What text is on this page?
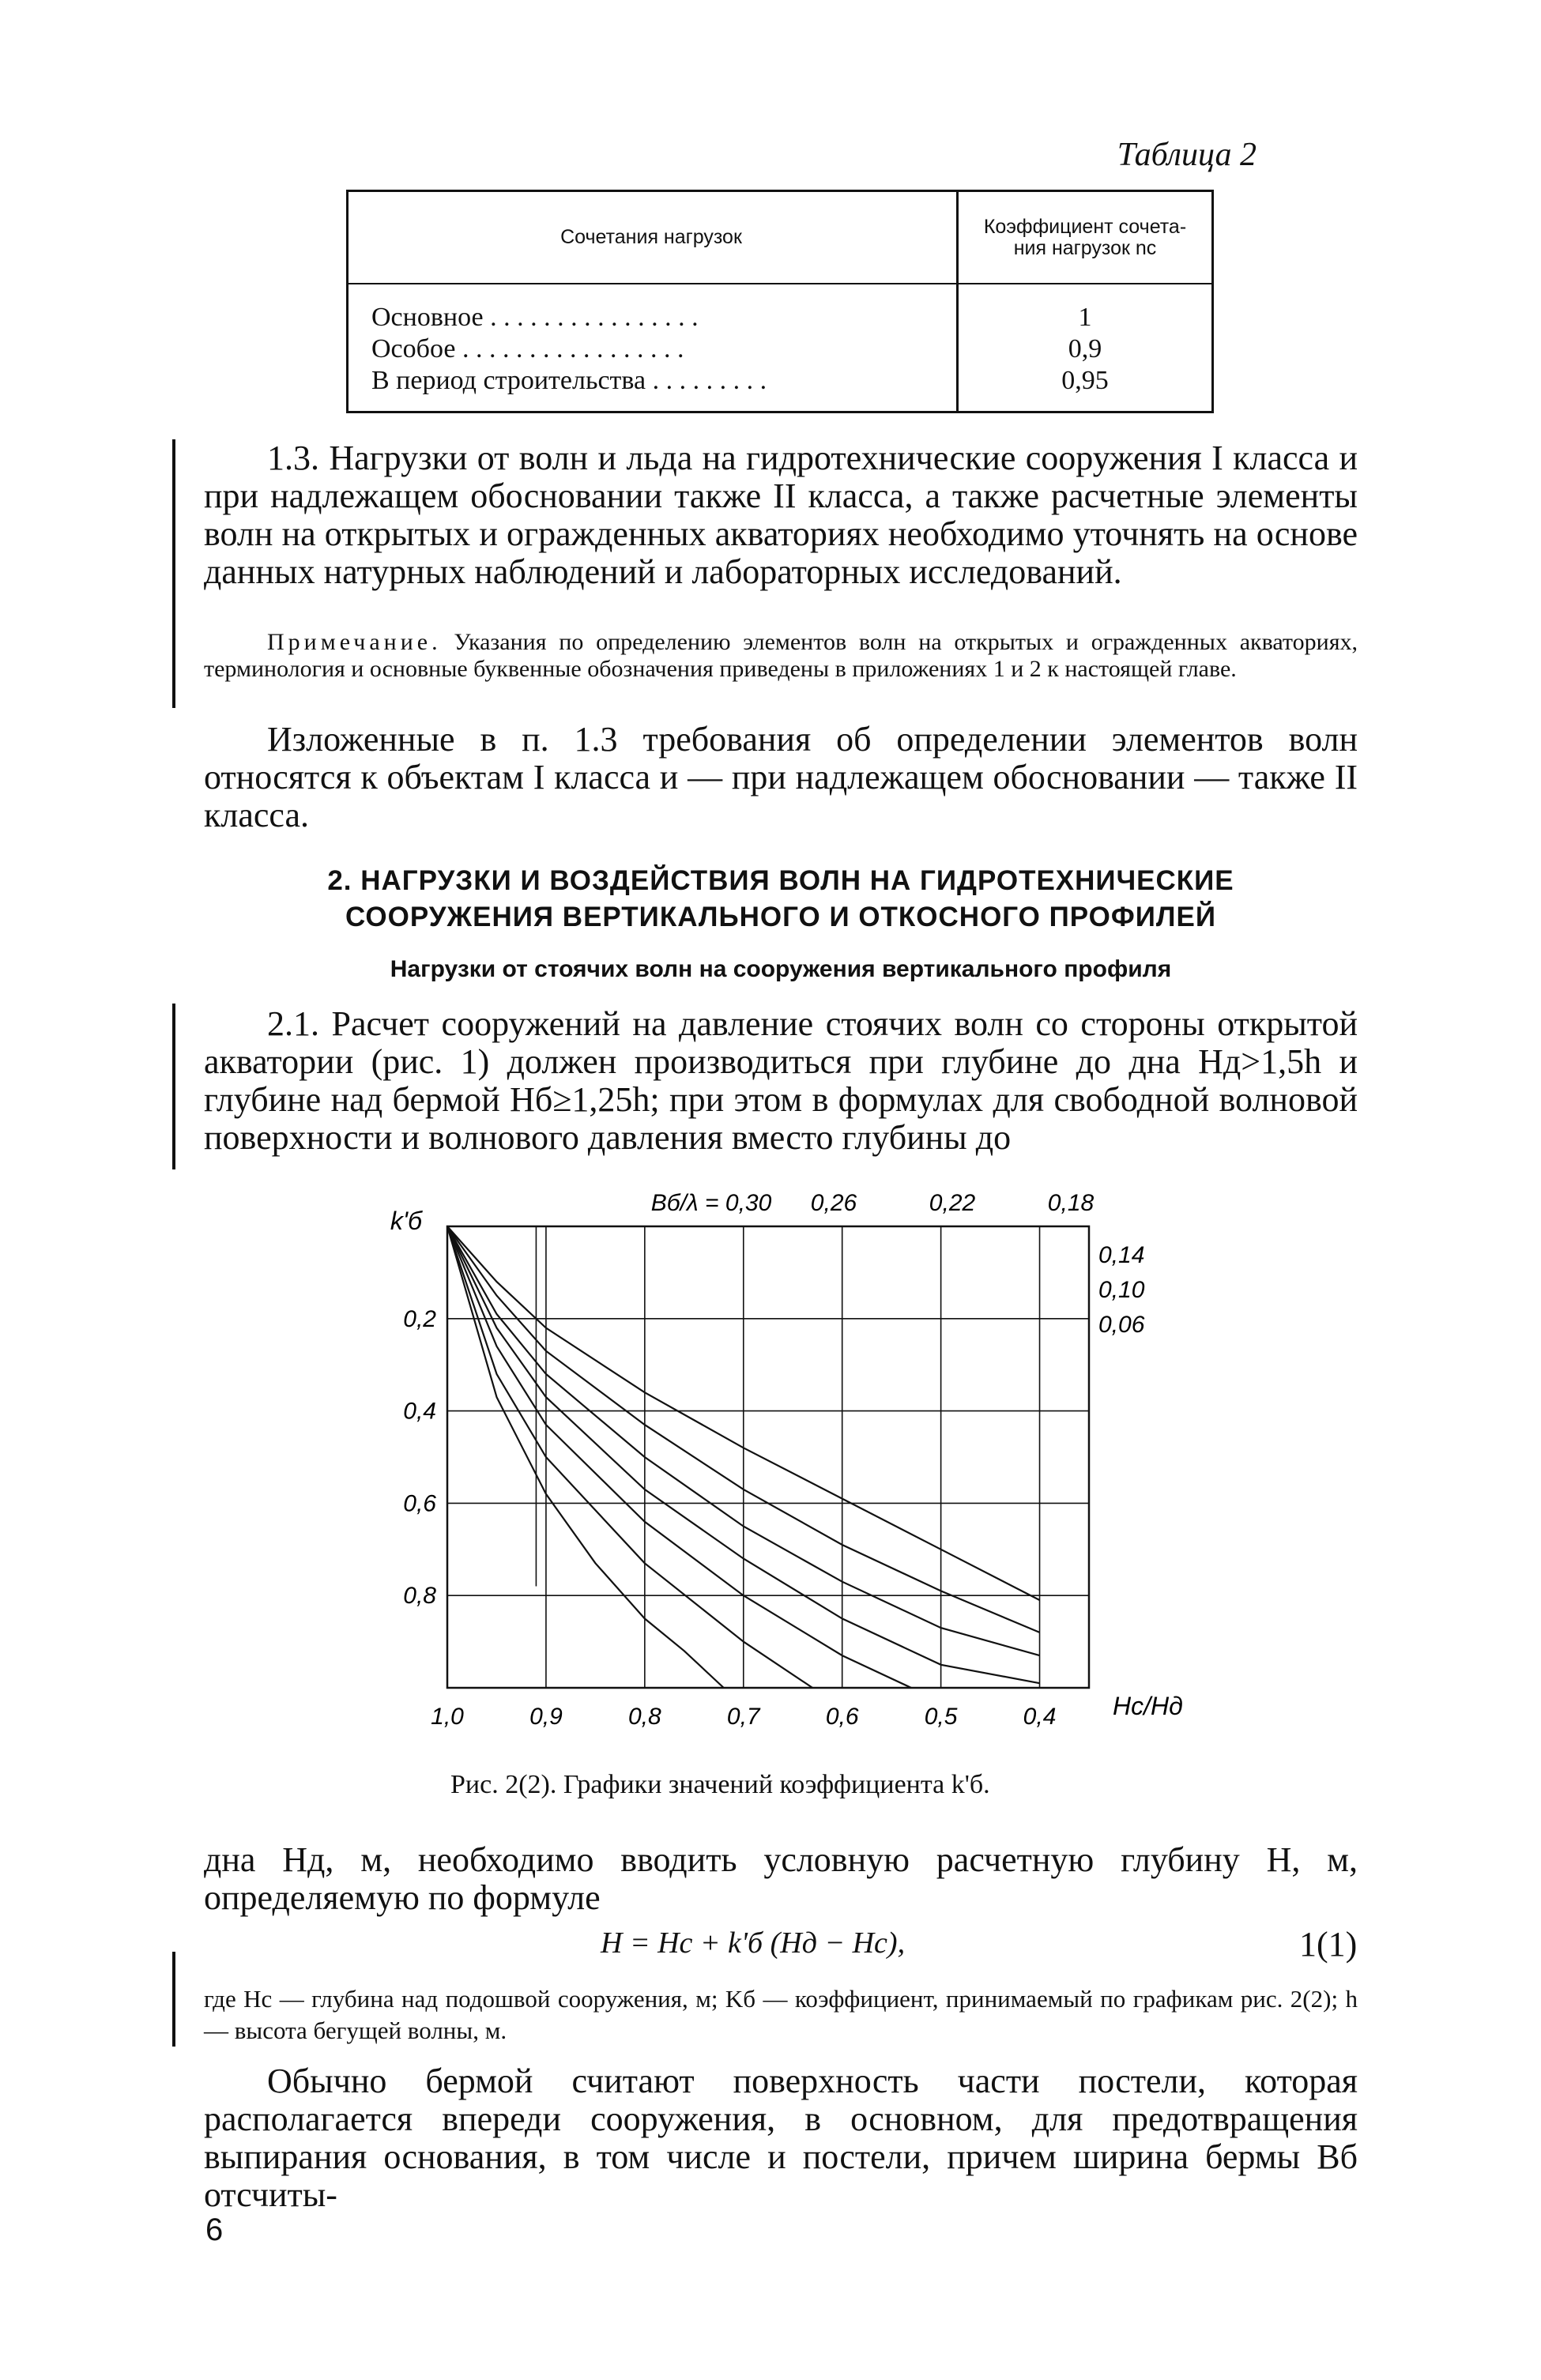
Таблица 2
Сочетания нагрузок	Коэффициент сочета-ния нагрузок nс

Основное . . . . . . . . . . . . . . . .	1
Особое . . . . . . . . . . . . . . . . .	0,9
В период строительства . . . . . . . . .	0,95
1.3. Нагрузки от волн и льда на гидротехнические сооружения I класса и при надлежащем обосновании также II класса, а также расчетные элементы волн на открытых и огражденных акваториях необходимо уточнять на основе данных натурных наблюдений и лабораторных исследований.
Примечание. Указания по определению элементов волн на открытых и огражденных акваториях, терминология и основные буквенные обозначения приведены в приложениях 1 и 2 к настоящей главе.
Изложенные в п. 1.3 требования об определении элементов волн относятся к объектам I класса и — при надлежащем обосновании — также II класса.
2. НАГРУЗКИ И ВОЗДЕЙСТВИЯ ВОЛН НА ГИДРОТЕХНИЧЕСКИЕ
СООРУЖЕНИЯ ВЕРТИКАЛЬНОГО И ОТКОСНОГО ПРОФИЛЕЙ
Нагрузки от стоячих волн на сооружения вертикального профиля
2.1. Расчет сооружений на давление стоячих волн со стороны открытой акватории (рис. 1) должен производиться при глубине до дна Hд>1,5h и глубине над бермой Hб≥1,25h; при этом в формулах для свободной волновой поверхности и волнового давления вместо глубины до
1,0	0,9	0,8	0,7	0,6	0,5	0,4
0,2
0,4
0,6
0,8
Bб/λ = 0,30 0,26	0,22	0,18
0,14
0,10
0,06
k'б
Hс/Hд
Рис. 2(2). Графики значений коэффициента k'б.
дна Hд, м, необходимо вводить условную расчетную глубину H, м, определяемую по формуле
H = Hс + k'б (Hд − Hс),	1(1)
где Hс — глубина над подошвой сооружения, м; Kб — коэффициент, принимаемый по графикам рис. 2(2); h — высота бегущей волны, м.
Обычно бермой считают поверхность части постели, которая располагается впереди сооружения, в основном, для предотвращения выпирания основания, в том числе и постели, причем ширина бермы Bб отсчиты-
6
